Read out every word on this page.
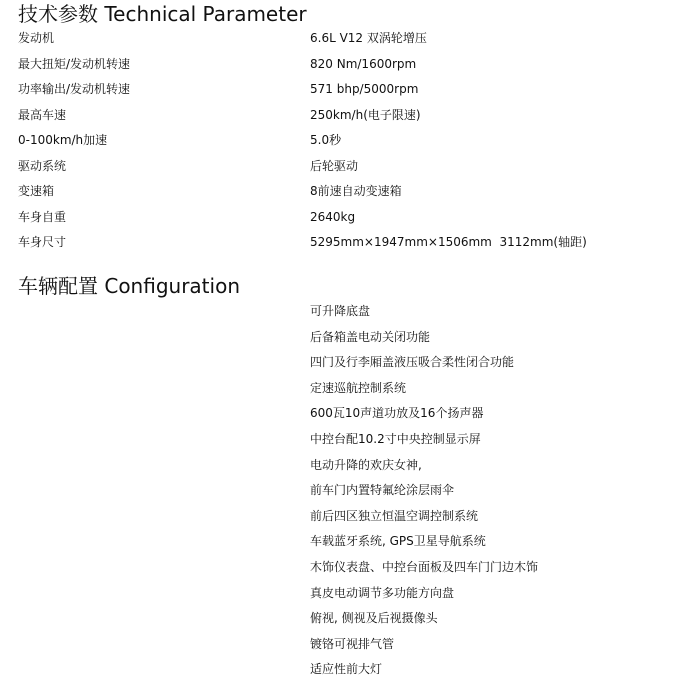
技术参数 Technical Parameter
发动机	6.6L V12 双涡轮增压
最大扭矩/发动机转速	820 Nm/1600rpm
功率输出/发动机转速	571 bhp/5000rpm
最高车速	250km/h(电子限速)
0-100km/h加速	5.0秒
驱动系统	后轮驱动
变速箱	8前速自动变速箱
车身自重	2640kg
车身尺寸	5295mm×1947mm×1506mm  3112mm(轴距)
车辆配置 Configuration
可升降底盘
后备箱盖电动关闭功能
四门及行李厢盖液压吸合柔性闭合功能
定速巡航控制系统
600瓦10声道功放及16个扬声器
中控台配10.2寸中央控制显示屏
电动升降的欢庆女神,
前车门内置特氟纶涂层雨伞
前后四区独立恒温空调控制系统
车载蓝牙系统, GPS卫星导航系统
木饰仪表盘、中控台面板及四车门门边木饰
真皮电动调节多功能方向盘
俯视, 侧视及后视摄像头
镀铬可视排气管
适应性前大灯
